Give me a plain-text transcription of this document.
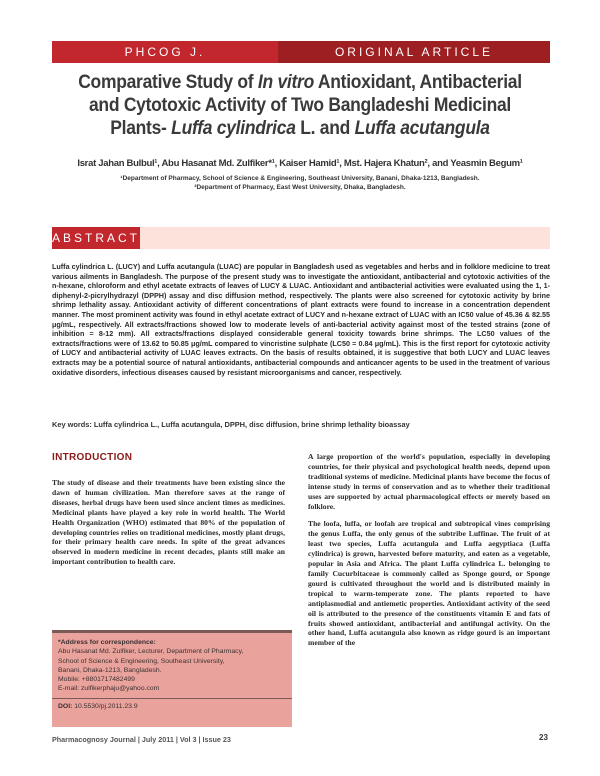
PHCOG J.	ORIGINAL ARTICLE
Comparative Study of In vitro Antioxidant, Antibacterial
and Cytotoxic Activity of Two Bangladeshi Medicinal
Plants- Luffa cylindrica L. and Luffa acutangula
Israt Jahan Bulbul¹, Abu Hasanat Md. Zulfiker*¹, Kaiser Hamid¹, Mst. Hajera Khatun², and Yeasmin Begum¹
¹Department of Pharmacy, School of Science & Engineering, Southeast University, Banani, Dhaka-1213, Bangladesh.
²Department of Pharmacy, East West University, Dhaka, Bangladesh.
ABSTRACT
Luffa cylindrica L. (LUCY) and Luffa acutangula (LUAC) are popular in Bangladesh used as vegetables and herbs and in folklore medicine to treat various ailments in Bangladesh. The purpose of the present study was to investigate the antioxidant, antibacterial and cytotoxic activities of the n-hexane, chloroform and ethyl acetate extracts of leaves of LUCY & LUAC. Antioxidant and antibacterial activities were evaluated using the 1, 1-diphenyl-2-picrylhydrazyl (DPPH) assay and disc diffusion method, respectively. The plants were also screened for cytotoxic activity by brine shrimp lethality assay. Antioxidant activity of different concentrations of plant extracts were found to increase in a concentration dependent manner. The most prominent activity was found in ethyl acetate extract of LUCY and n-hexane extract of LUAC with an IC50 value of 45.36 & 82.55 μg/mL, respectively. All extracts/fractions showed low to moderate levels of anti-bacterial activity against most of the tested strains (zone of inhibition = 8-12 mm). All extracts/fractions displayed considerable general toxicity towards brine shrimps. The LC50 values of the extracts/fractions were of 13.62 to 50.85 μg/mL compared to vincristine sulphate (LC50 = 0.84 μg/mL). This is the first report for cytotoxic activity of LUCY and antibacterial activity of LUAC leaves extracts. On the basis of results obtained, it is suggestive that both LUCY and LUAC leaves extracts may be a potential source of natural antioxidants, antibacterial compounds and anticancer agents to be used in the treatment of various oxidative disorders, infectious diseases caused by resistant microorganisms and cancer, respectively.
Key words: Luffa cylindrica L., Luffa acutangula, DPPH, disc diffusion, brine shrimp lethality bioassay
INTRODUCTION

The study of disease and their treatments have been existing since the dawn of human civilization. Man therefore saves at the range of diseases, herbal drugs have been used since ancient times as medicines. Medicinal plants have played a key role in world health. The World Health Organization (WHO) estimated that 80% of the population of developing countries relies on traditional medicines, mostly plant drugs, for their primary health care needs. In spite of the great advances observed in modern medicine in recent decades, plants still make an important contribution to health care.

A large proportion of the world's population, especially in developing countries, for their physical and psychological health needs, depend upon traditional systems of medicine. Medicinal plants have become the focus of intense study in terms of conservation and as to whether their traditional uses are supported by actual pharmacological effects or merely based on folklore.

The loofa, luffa, or loofah are tropical and subtropical vines comprising the genus Luffa, the only genus of the subtribe Luffinae. The fruit of at least two species, Luffa acutangula and Luffa aegyptiaca (Luffa cylindrica) is grown, harvested before maturity, and eaten as a vegetable, popular in Asia and Africa. The plant Luffa cylindrica L. belonging to family Cucurbitaceae is commonly called as Sponge gourd, or Sponge gourd is cultivated throughout the world and is distributed mainly in tropical to warm-temperate zone. The plants reported to have antiplasmodial and antiemetic properties. Antioxidant activity of the seed oil is attributed to the presence of the constituents vitamin E and fats of fruits showed antioxidant, antibacterial and antifungal activity. On the other hand, Luffa acutangula also known as ridge gourd is an important member of the

*Address for correspondence:
Abu Hasanat Md. Zulfiker, Lecturer, Department of Pharmacy,
School of Science & Engineering, Southeast University,
Banani, Dhaka-1213, Bangladesh.
Mobile: +8801717482499
E-mail: zulfikerphaju@yahoo.com
DOI: 10.5530/pj.2011.23.9
Pharmacognosy Journal | July 2011 | Vol 3 | Issue 23	23
